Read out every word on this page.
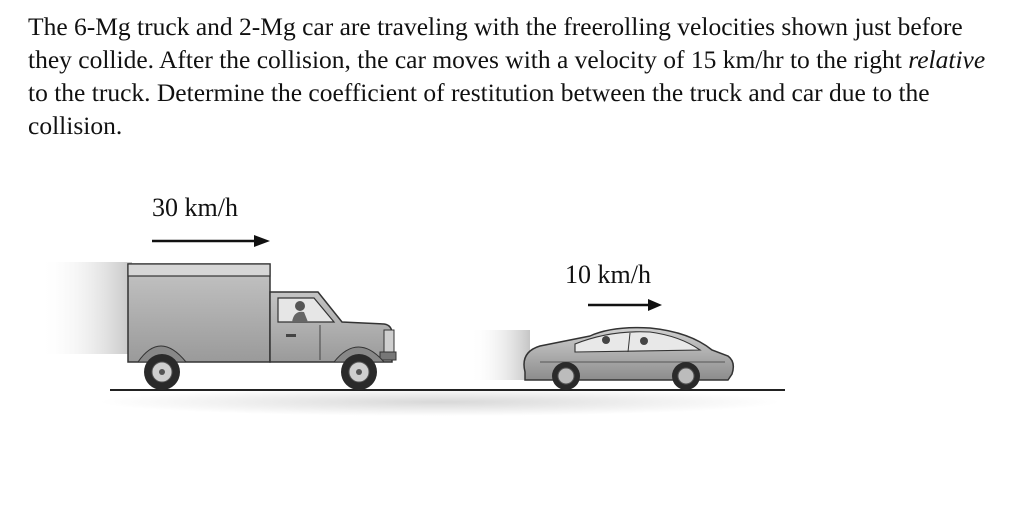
The 6-Mg truck and 2-Mg car are traveling with the freerolling velocities shown just before they collide. After the collision, the car moves with a velocity of 15 km/hr to the right relative to the truck. Determine the coefficient of restitution between the truck and car due to the collision.

30 km/h
10 km/h
